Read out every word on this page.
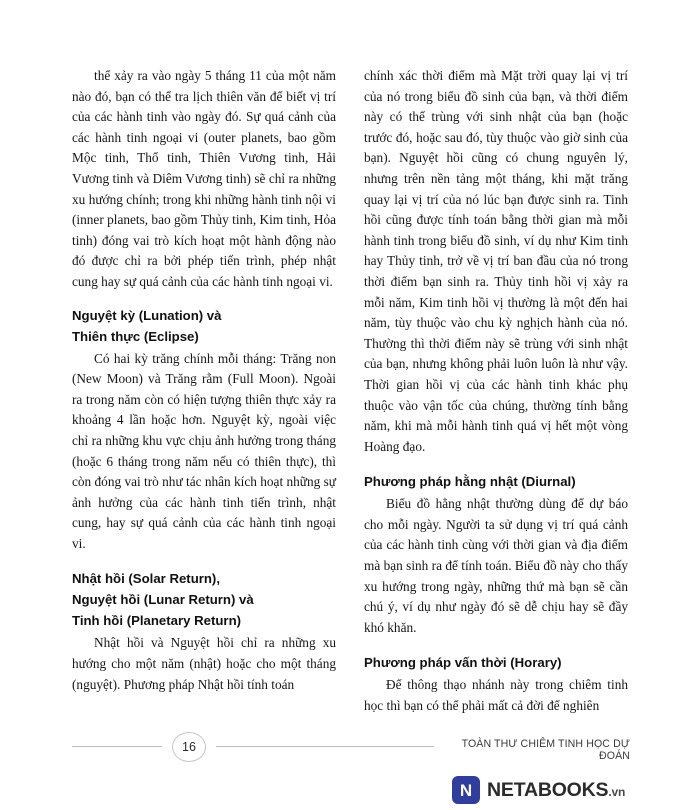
thể xảy ra vào ngày 5 tháng 11 của một năm nào đó, bạn có thể tra lịch thiên văn để biết vị trí của các hành tinh vào ngày đó. Sự quá cảnh của các hành tinh ngoại vi (outer planets, bao gồm Mộc tinh, Thổ tinh, Thiên Vương tinh, Hải Vương tinh và Diêm Vương tinh) sẽ chỉ ra những xu hướng chính; trong khi những hành tinh nội vi (inner planets, bao gồm Thủy tinh, Kim tinh, Hỏa tinh) đóng vai trò kích hoạt một hành động nào đó được chỉ ra bởi phép tiến trình, phép nhật cung hay sự quá cảnh của các hành tinh ngoại vi.

Nguyệt kỳ (Lunation) và
Thiên thực (Eclipse)

Có hai kỳ trăng chính mỗi tháng: Trăng non (New Moon) và Trăng rằm (Full Moon). Ngoài ra trong năm còn có hiện tượng thiên thực xảy ra khoảng 4 lần hoặc hơn. Nguyệt kỳ, ngoài việc chỉ ra những khu vực chịu ảnh hưởng trong tháng (hoặc 6 tháng trong năm nếu có thiên thực), thì còn đóng vai trò như tác nhân kích hoạt những sự ảnh hưởng của các hành tinh tiến trình, nhật cung, hay sự quá cảnh của các hành tinh ngoại vi.

Nhật hồi (Solar Return),
Nguyệt hồi (Lunar Return) và
Tinh hồi (Planetary Return)

Nhật hồi và Nguyệt hồi chỉ ra những xu hướng cho một năm (nhật) hoặc cho một tháng (nguyệt). Phương pháp Nhật hồi tính toán

chính xác thời điểm mà Mặt trời quay lại vị trí của nó trong biểu đồ sinh của bạn, và thời điểm này có thể trùng với sinh nhật của bạn (hoặc trước đó, hoặc sau đó, tùy thuộc vào giờ sinh của bạn). Nguyệt hồi cũng có chung nguyên lý, nhưng trên nền tảng một tháng, khi mặt trăng quay lại vị trí của nó lúc bạn được sinh ra. Tinh hồi cũng được tính toán bằng thời gian mà mỗi hành tinh trong biểu đồ sinh, ví dụ như Kim tinh hay Thủy tinh, trở về vị trí ban đầu của nó trong thời điểm bạn sinh ra. Thủy tinh hồi vị xảy ra mỗi năm, Kim tinh hồi vị thường là một đến hai năm, tùy thuộc vào chu kỳ nghịch hành của nó. Thường thì thời điểm này sẽ trùng với sinh nhật của bạn, nhưng không phải luôn luôn là như vậy. Thời gian hồi vị của các hành tinh khác phụ thuộc vào vận tốc của chúng, thường tính bằng năm, khi mà mỗi hành tinh quá vị hết một vòng Hoàng đạo.

Phương pháp hằng nhật (Diurnal)

Biểu đồ hằng nhật thường dùng để dự báo cho mỗi ngày. Người ta sử dụng vị trí quá cảnh của các hành tinh cùng với thời gian và địa điểm mà bạn sinh ra để tính toán. Biểu đồ này cho thấy xu hướng trong ngày, những thứ mà bạn sẽ cần chú ý, ví dụ như ngày đó sẽ dễ chịu hay sẽ đầy khó khăn.

Phương pháp vấn thời (Horary)

Để thông thạo nhánh này trong chiêm tinh học thì bạn có thể phải mất cả đời để nghiên

16	TOÀN THƯ CHIÊM TINH HỌC DỰ ĐOÁN
N NETABOOKS.vn
